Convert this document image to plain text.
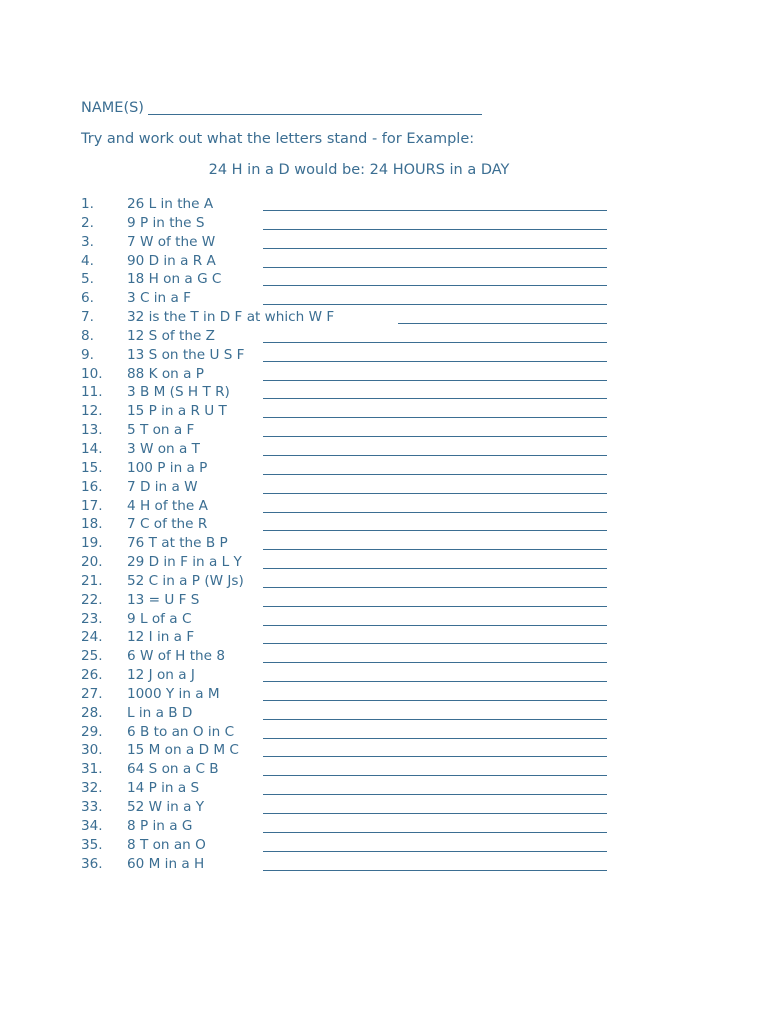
NAME(S)
Try and work out what the letters stand - for Example:
24 H in a D would be: 24 HOURS in a DAY
1. 26 L in the A
2. 9 P in the S
3. 7 W of the W
4. 90 D in a R A
5. 18 H on a G C
6. 3 C in a F
7. 32 is the T in D F at which W F
8. 12 S of the Z
9. 13 S on the U S F
10. 88 K on a P
11. 3 B M (S H T R)
12. 15 P in a R U T
13. 5 T on a F
14. 3 W on a T
15. 100 P in a P
16. 7 D in a W
17. 4 H of the A
18. 7 C of the R
19. 76 T at the B P
20. 29 D in F in a L Y
21. 52 C in a P (W Js)
22. 13 = U F S
23. 9 L of a C
24. 12 I in a F
25. 6 W of H the 8
26. 12 J on a J
27. 1000 Y in a M
28. L in a B D
29. 6 B to an O in C
30. 15 M on a D M C
31. 64 S on a C B
32. 14 P in a S
33. 52 W in a Y
34. 8 P in a G
35. 8 T on an O
36. 60 M in a H
